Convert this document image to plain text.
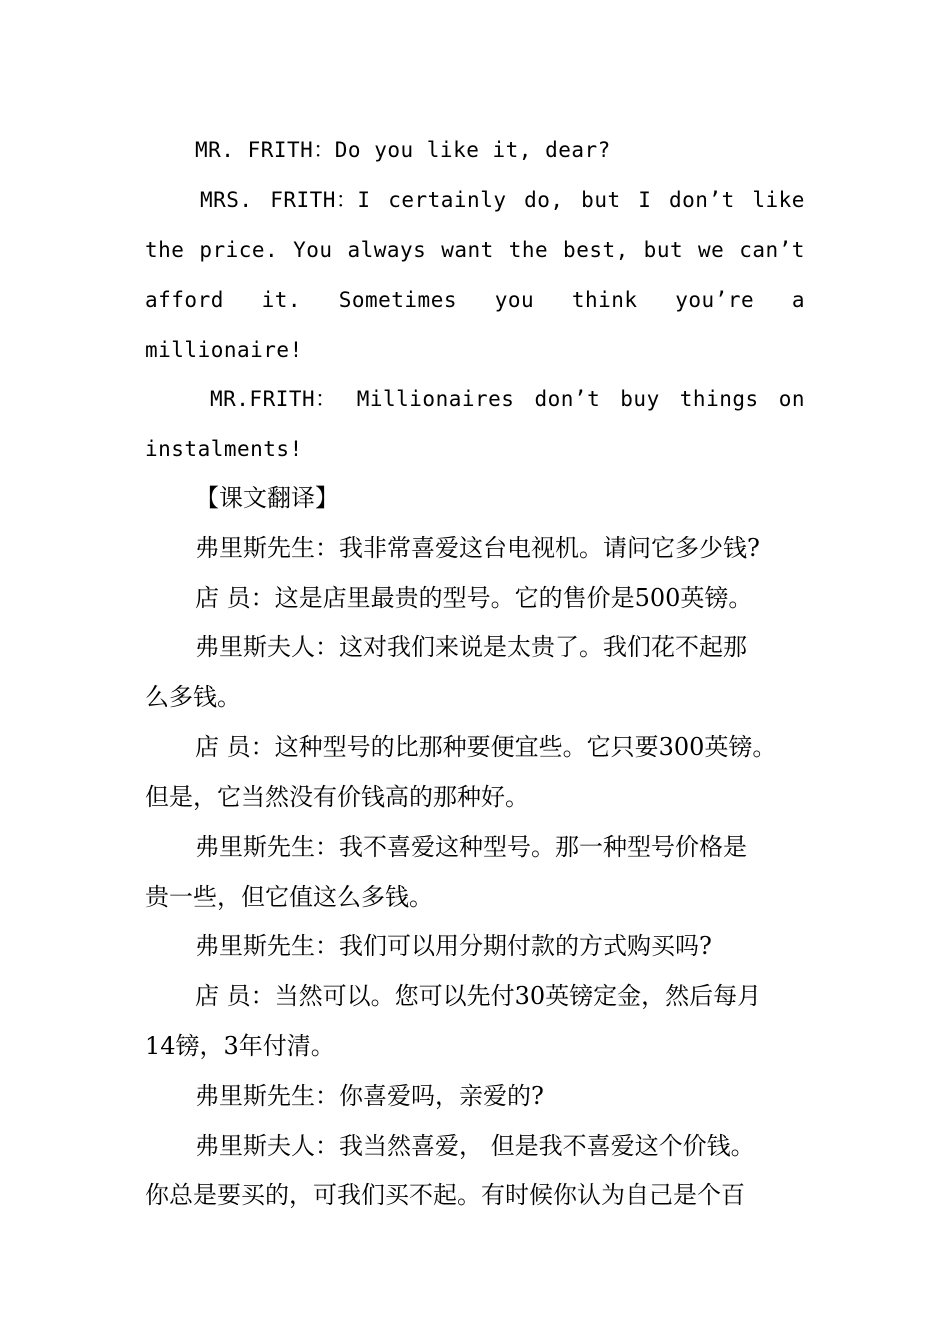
MR. FRITH：Do you like it, dear?
MRS. FRITH：I certainly do, but I don’t like
the price. You always want the best, but we can’t
afford it. Sometimes you think you’re a
millionaire!
MR.FRITH： Millionaires don’t buy things on
instalments!
【课文翻译】
弗里斯先生：我非常喜爱这台电视机。请问它多少钱?
店 员：这是店里最贵的型号。它的售价是500英镑。
弗里斯夫人：这对我们来说是太贵了。我们花不起那
么多钱。
店 员：这种型号的比那种要便宜些。它只要300英镑。
但是，它当然没有价钱高的那种好。
弗里斯先生：我不喜爱这种型号。那一种型号价格是
贵一些，但它值这么多钱。
弗里斯先生：我们可以用分期付款的方式购买吗?
店 员：当然可以。您可以先付30英镑定金，然后每月
14镑，3年付清。
弗里斯先生：你喜爱吗，亲爱的?
弗里斯夫人：我当然喜爱， 但是我不喜爱这个价钱。
你总是要买的，可我们买不起。有时候你认为自己是个百
